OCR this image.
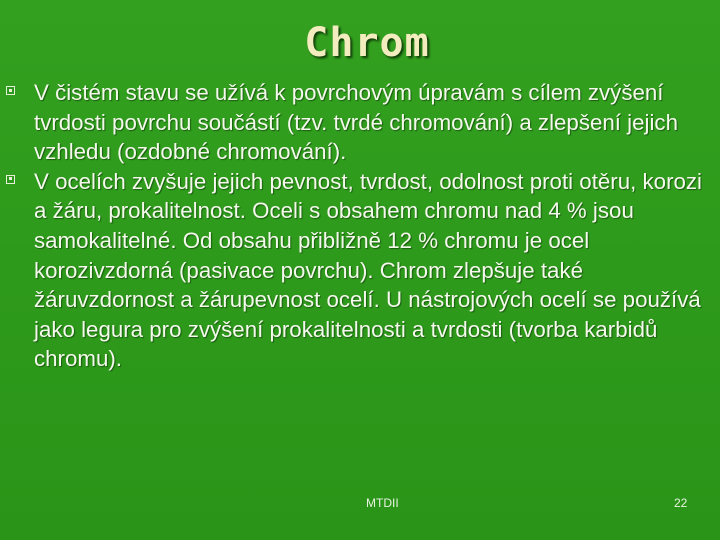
Chrom
V čistém stavu se užívá k povrchovým úpravám s cílem zvýšení tvrdosti povrchu součástí (tzv. tvrdé chromování) a zlepšení jejich vzhledu (ozdobné chromování).
V ocelích zvyšuje jejich pevnost, tvrdost, odolnost proti otěru, korozi a žáru, prokalitelnost. Oceli s obsahem chromu nad 4 % jsou samokalitelné. Od obsahu přibližně 12 % chromu je ocel korozivzdorná (pasivace povrchu). Chrom zlepšuje také žáruvzdornost a žárupevnost ocelí. U nástrojových ocelí se používá jako legura pro zvýšení prokalitelnosti a tvrdosti (tvorba karbidů chromu).
MTDII	22
